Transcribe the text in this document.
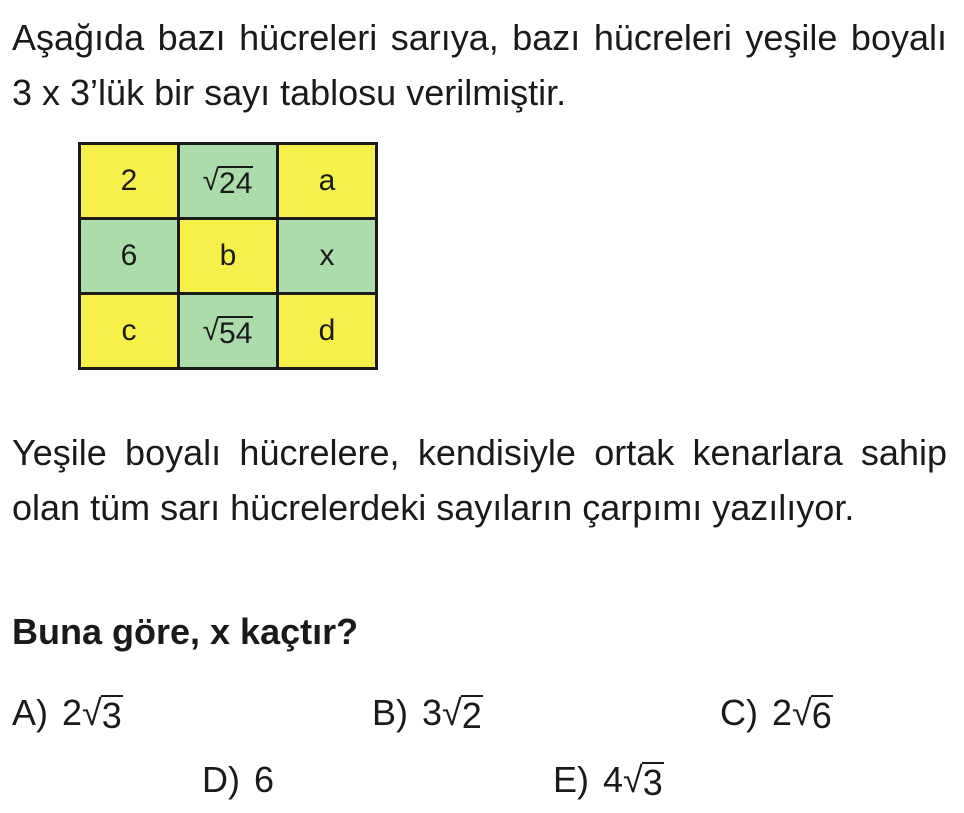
Aşağıda bazı hücreleri sarıya, bazı hücreleri yeşile boyalı 3 x 3’lük bir sayı tablosu verilmiştir.

2	√ 24	a
6	b	x
c	√ 54	d

Yeşile boyalı hücrelere, kendisiyle ortak kenarlara sahip olan tüm sarı hücrelerdeki sayıların çarpımı yazılıyor.

Buna göre, x kaçtır?

A) 2 √ 3	B) 3 √ 2	C) 2 √ 6
D) 6	E) 4 √ 3
